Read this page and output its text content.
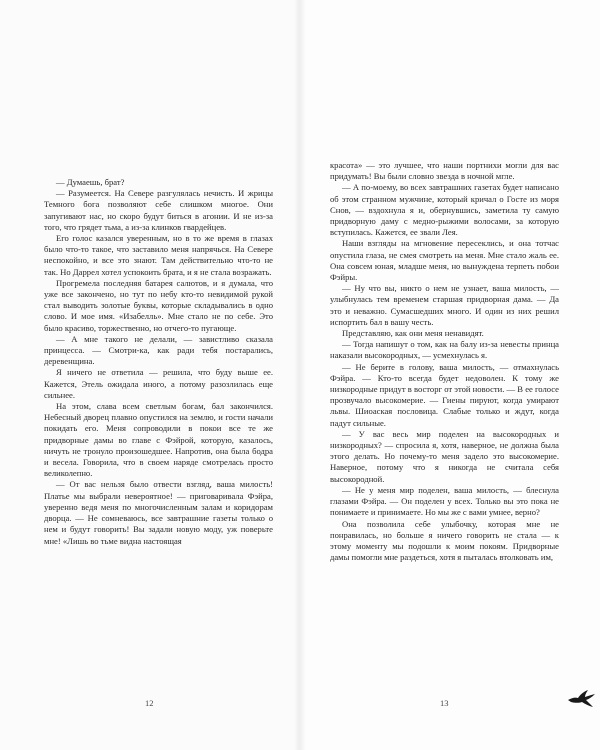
— Думаешь, брат?

— Разумеется. На Севере разгулялась нечисть. И жрицы Темного бога позволяют себе слишком многое. Они запугивают нас, но скоро будут биться в агонии. И не из-за того, что грядет тьма, а из-за клинков гвардейцев.

Его голос казался уверенным, но в то же время в глазах было что-то такое, что заставило меня напрячься. На Севере неспокойно, и все это знают. Там действительно что-то не так. Но Даррел хотел успокоить брата, и я не стала возражать.

Прогремела последняя батарея салютов, и я думала, что уже все закончено, но тут по небу кто-то невидимой рукой стал выводить золотые буквы, которые складывались в одно слово. И мое имя. «Изабелль». Мне стало не по себе. Это было красиво, торжественно, но отчего-то пугающе.

— А мне такого не делали, — завистливо сказала принцесса. — Смотри-ка, как ради тебя постарались, деревенщина.

Я ничего не ответила — решила, что буду выше ее. Кажется, Этель ожидала иного, а потому разозлилась еще сильнее.

На этом, слава всем светлым богам, бал закончился. Небесный дворец плавно опустился на землю, и гости начали покидать его. Меня сопроводили в покои все те же придворные дамы во главе с Фэйрой, которую, казалось, ничуть не тронуло произошедшее. Напротив, она была бодра и весела. Говорила, что в своем наряде смотрелась просто великолепно.

— От вас нельзя было отвести взгляд, ваша милость! Платье мы выбрали невероятное! — приговаривала Фэйра, уверенно ведя меня по многочисленным залам и коридорам дворца. — Не сомневаюсь, все завтрашние газеты только о нем и будут говорить! Вы задали новую моду, уж поверьте мне! «Лишь во тьме видна настоящая

12

красота» — это лучшее, что наши портнихи могли для вас придумать! Вы были словно звезда в ночной мгле.

— А по-моему, во всех завтрашних газетах будет написано об этом странном мужчине, который кричал о Госте из моря Снов, — вздохнула я и, обернувшись, заметила ту самую придворную даму с медно-рыжими волосами, за которую вступилась. Кажется, ее звали Лея.

Наши взгляды на мгновение пересеклись, и она тотчас опустила глаза, не смея смотреть на меня. Мне стало жаль ее. Она совсем юная, младше меня, но вынуждена терпеть побои Фэйры.

— Ну что вы, никто о нем не узнает, ваша милость, — улыбнулась тем временем старшая придворная дама. — Да это и неважно. Сумасшедших много. И один из них решил испортить бал в вашу честь.

Представляю, как они меня ненавидят.

— Тогда напишут о том, как на балу из-за невесты принца наказали высокородных, — усмехнулась я.

— Не берите в голову, ваша милость, — отмахнулась Фэйра. — Кто-то всегда будет недоволен. К тому же низкородные придут в восторг от этой новости. — В ее голосе прозвучало высокомерие. — Гиены пируют, когда умирают львы. Шиоаская пословица. Слабые только и ждут, когда падут сильные.

— У вас весь мир поделен на высокородных и низкородных? — спросила я, хотя, наверное, не должна была этого делать. Но почему-то меня задело это высокомерие. Наверное, потому что я никогда не считала себя высокородной.

— Не у меня мир поделен, ваша милость, — блеснула глазами Фэйра. — Он поделен у всех. Только вы это пока не понимаете и принимаете. Но мы же с вами умнее, верно?

Она позволила себе улыбочку, которая мне не понравилась, но больше я ничего говорить не стала — к этому моменту мы подошли к моим покоям. Придворные дамы помогли мне раздеться, хотя я пыталась втолковать им,

13
